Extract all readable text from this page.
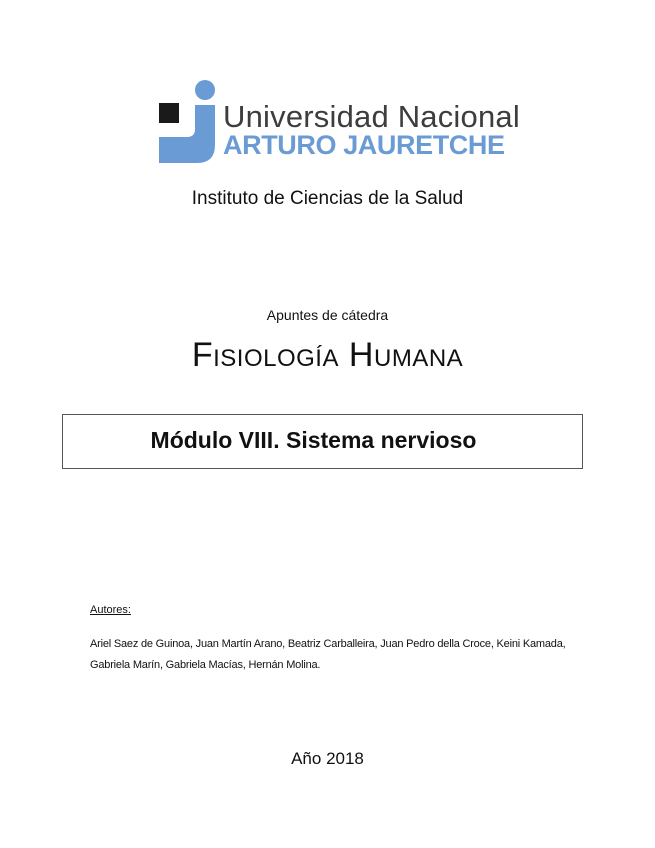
Universidad Nacional
ARTURO JAURETCHE
Instituto de Ciencias de la Salud
Apuntes de cátedra
Fisiología Humana
Módulo VIII. Sistema nervioso
Autores:
Ariel Saez de Guinoa, Juan Martín Arano, Beatriz Carballeira, Juan Pedro della Croce, Keini Kamada, Gabriela Marín, Gabriela Macías, Hernán Molina.
Año 2018
